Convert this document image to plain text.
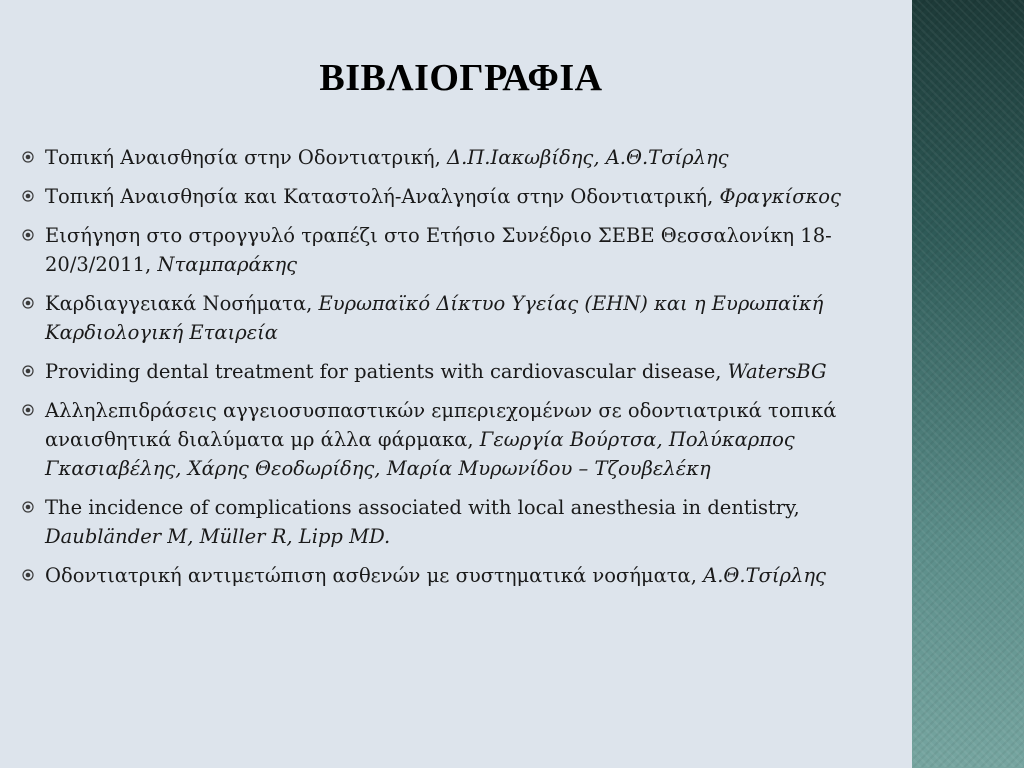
ΒΙΒΛΙΟΓΡΑΦΙΑ
Τοπική Αναισθησία στην Οδοντιατρική, Δ.Π.Ιακωβίδης, Α.Θ.Τσίρλης
Τοπική Αναισθησία και Καταστολή-Αναλγησία στην Οδοντιατρική, Φραγκίσκος
Εισήγηση στο στρογγυλό τραπέζι στο Ετήσιο Συνέδριο ΣΕΒΕ Θεσσαλονίκη 18-20/3/2011, Νταμπαράκης
Καρδιαγγειακά Νοσήματα, Ευρωπαϊκό Δίκτυο Υγείας (EHN) και η Ευρωπαϊκή Καρδιολογική Εταιρεία
Providing dental treatment for patients with cardiovascular disease, WatersBG
Αλληλεπιδράσεις αγγειοσυσπαστικών εμπεριεχομένων σε οδοντιατρικά τοπικά αναισθητικά διαλύματα μρ άλλα φάρμακα, Γεωργία Βούρτσα, Πολύκαρπος Γκασιαβέλης, Χάρης Θεοδωρίδης, Μαρία Μυρωνίδου – Τζουβελέκη
The incidence of complications associated with local anesthesia in dentistry, Daubländer M, Müller R, Lipp MD.
Οδοντιατρική αντιμετώπιση ασθενών με συστηματικά νοσήματα, Α.Θ.Τσίρλης
